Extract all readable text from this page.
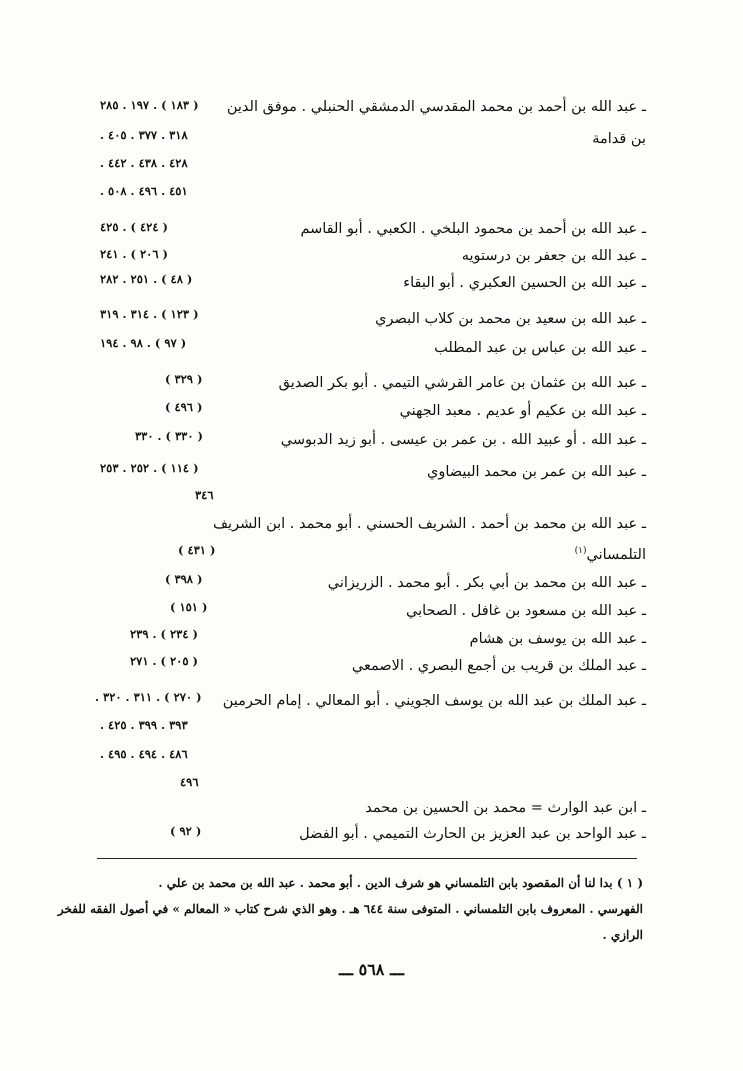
ـ عبد الله بن أحمد بن محمد المقدسي الدمشقي الحنبلي . موفق الدين
بن قدامة
( ١٨٣ ) . ١٩٧ . ٢٨٥
٣١٨ . ٣٧٧ . ٤٠٥ .
٤٢٨ . ٤٣٨ . ٤٤٢ .
٤٥١ . ٤٩٦ . ٥٠٨ .
ـ عبد الله بن أحمد بن محمود البلخي . الكعبي . أبو القاسم
( ٤٢٤ ) . ٤٢٥
ـ عبد الله بن جعفر بن درستويه
( ٢٠٦ ) . ٢٤١
ـ عبد الله بن الحسين العكبري . أبو البقاء
( ٤٨ ) . ٢٥١ . ٢٨٢
ـ عبد الله بن سعيد بن محمد بن كلاب البصري
( ١٢٣ ) . ٣١٤ . ٣١٩
ـ عبد الله بن عباس بن عبد المطلب
( ٩٧ ) . ٩٨ . ١٩٤
ـ عبد الله بن عثمان بن عامر القرشي التيمي . أبو بكر الصديق
( ٣٢٩ )
ـ عبد الله بن عكيم أو عديم . معبد الجهني
( ٤٩٦ )
ـ عبد الله . أو عبيد الله . بن عمر بن عيسى . أبو زيد الدبوسي
( ٣٣٠ ) . ٣٣٠
ـ عبد الله بن عمر بن محمد البيضاوي
( ١١٤ ) . ٢٥٢ . ٢٥٣
٣٤٦
ـ عبد الله بن محمد بن أحمد . الشريف الحسني . أبو محمد . ابن الشريف
التلمساني$^{(١)}$
( ٤٣١ )
ـ عبد الله بن محمد بن أبي بكر . أبو محمد . الزريزاني
( ٣٩٨ )
ـ عبد الله بن مسعود بن غافل . الصحابي
( ١٥١ )
ـ عبد الله بن يوسف بن هشام
( ٢٣٤ ) . ٢٣٩
ـ عبد الملك بن قريب بن أجمع البصري . الاصمعي
( ٢٠٥ ) . ٢٧١
ـ عبد الملك بن عبد الله بن يوسف الجويني . أبو المعالي . إمام الحرمين
( ٢٧٠ ) . ٣١١ . ٣٢٠ .
٣٩٣ . ٣٩٩ . ٤٢٥ .
٤٨٦ . ٤٩٤ . ٤٩٥ .
٤٩٦
ـ ابن عبد الوارث = محمد بن الحسين بن محمد
ـ عبد الواحد بن عبد العزيز بن الحارث التميمي . أبو الفضل
( ٩٢ )
( ١ ) بدا لنا أن المقصود بابن التلمساني هو شرف الدين . أبو محمد . عبد الله بن محمد بن علي .
الفهرسي . المعروف بابن التلمساني . المتوفى سنة ٦٤٤ هـ . وهو الذي شرح كتاب « المعالم » في أصول الفقه للفخر
الرازي .
ـــ ٥٦٨ ـــ
